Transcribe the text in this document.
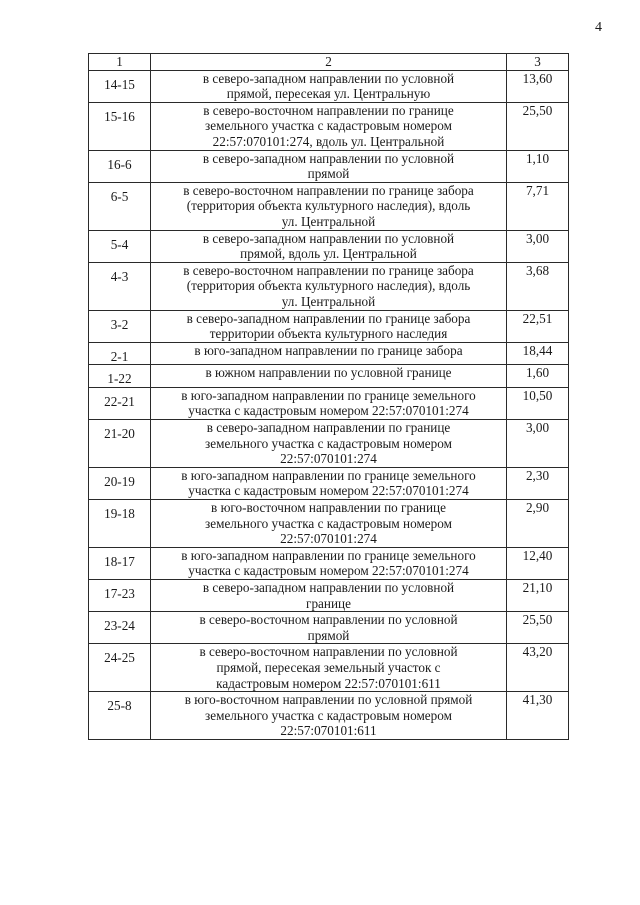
4
1	2	3
14-15	в северо-западном направлении по условной
прямой, пересекая ул. Центральную	13,60
15-16	в северо-восточном направлении по границе
земельного участка с кадастровым номером
22:57:070101:274, вдоль ул. Центральной	25,50
16-6	в северо-западном направлении по условной
прямой	1,10
6-5	в северо-восточном направлении по границе забора
(территория объекта культурного наследия), вдоль
ул. Центральной	7,71
5-4	в северо-западном направлении по условной
прямой, вдоль ул. Центральной	3,00
4-3	в северо-восточном направлении по границе забора
(территория объекта культурного наследия), вдоль
ул. Центральной	3,68
3-2	в северо-западном направлении по границе забора
территории объекта культурного наследия	22,51
2-1	в юго-западном направлении по границе забора	18,44
1-22	в южном направлении по условной границе	1,60
22-21	в юго-западном направлении по границе земельного
участка с кадастровым номером 22:57:070101:274	10,50
21-20	в северо-западном направлении по границе
земельного участка с кадастровым номером
22:57:070101:274	3,00
20-19	в юго-западном направлении по границе земельного
участка с кадастровым номером 22:57:070101:274	2,30
19-18	в юго-восточном направлении по границе
земельного участка с кадастровым номером
22:57:070101:274	2,90
18-17	в юго-западном направлении по границе земельного
участка с кадастровым номером 22:57:070101:274	12,40
17-23	в северо-западном направлении по условной
границе	21,10
23-24	в северо-восточном направлении по условной
прямой	25,50
24-25	в северо-восточном направлении по условной
прямой, пересекая земельный участок с
кадастровым номером 22:57:070101:611	43,20
25-8	в юго-восточном направлении по условной прямой
земельного участка с кадастровым номером
22:57:070101:611	41,30
